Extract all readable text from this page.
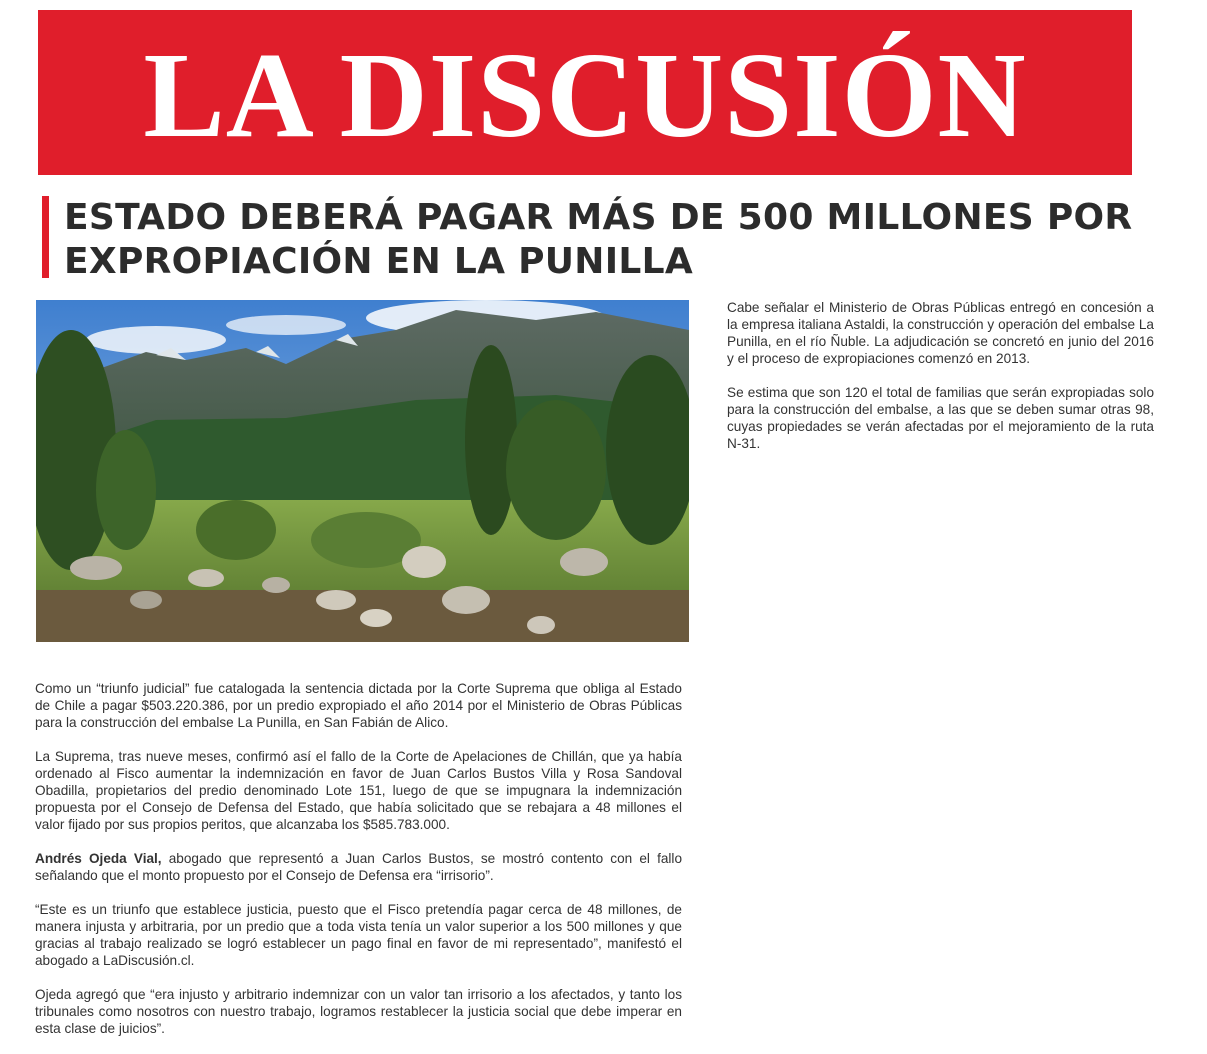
LA DISCUSIÓN
ESTADO DEBERÁ PAGAR MÁS DE 500 MILLONES POR EXPROPIACIÓN EN LA PUNILLA

Como un “triunfo judicial” fue catalogada la sentencia dictada por la Corte Suprema que obliga al Estado de Chile a pagar $503.220.386, por un predio expropiado el año 2014 por el Ministerio de Obras Públicas para la construcción del embalse La Punilla, en San Fabián de Alico.

La Suprema, tras nueve meses, confirmó así el fallo de la Corte de Apelaciones de Chillán, que ya había ordenado al Fisco aumentar la indemnización en favor de Juan Carlos Bustos Villa y Rosa Sandoval Obadilla, propietarios del predio denominado Lote 151, luego de que se impugnara la indemnización propuesta por el Consejo de Defensa del Estado, que había solicitado que se rebajara a 48 millones el valor fijado por sus propios peritos, que alcanzaba los $585.783.000.

Andrés Ojeda Vial, abogado que representó a Juan Carlos Bustos, se mostró contento con el fallo señalando que el monto propuesto por el Consejo de Defensa era “irrisorio”.

“Este es un triunfo que establece justicia, puesto que el Fisco pretendía pagar cerca de 48 millones, de manera injusta y arbitraria, por un predio que a toda vista tenía un valor superior a los 500 millones y que gracias al trabajo realizado se logró establecer un pago final en favor de mi representado”, manifestó el abogado a LaDiscusión.cl.

Ojeda agregó que “era injusto y arbitrario indemnizar con un valor tan irrisorio a los afectados, y tanto los tribunales como nosotros con nuestro trabajo, logramos restablecer la justicia social que debe imperar en esta clase de juicios”.

Cabe señalar el Ministerio de Obras Públicas entregó en concesión a la empresa italiana Astaldi, la construcción y operación del embalse La Punilla, en el río Ñuble. La adjudicación se concretó en junio del 2016 y el proceso de expropiaciones comenzó en 2013.

Se estima que son 120 el total de familias que serán expropiadas solo para la construcción del embalse, a las que se deben sumar otras 98, cuyas propiedades se verán afectadas por el mejoramiento de la ruta N-31.
